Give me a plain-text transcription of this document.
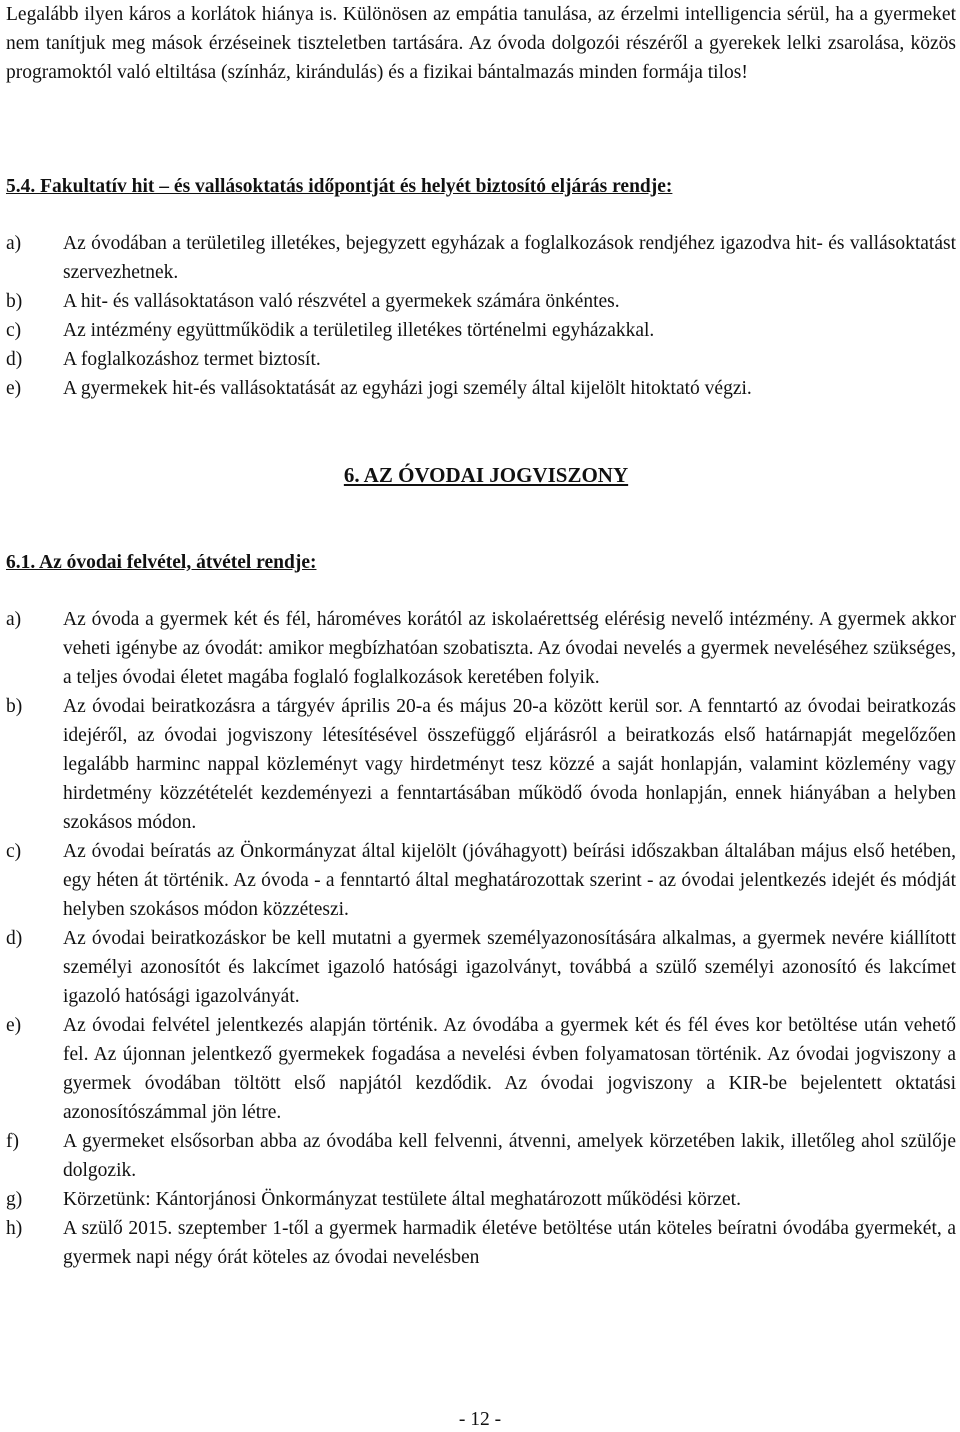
Legalább ilyen káros a korlátok hiánya is. Különösen az empátia tanulása, az érzelmi intelligencia sérül, ha a gyermeket nem tanítjuk meg mások érzéseinek tiszteletben tartására. Az óvoda dolgozói részéről a gyerekek lelki zsarolása, közös programoktól való eltiltása (színház, kirándulás) és a fizikai bántalmazás minden formája tilos!

5.4. Fakultatív hit – és vallásoktatás időpontját és helyét biztosító eljárás rendje:
a)	Az óvodában a területileg illetékes, bejegyzett egyházak a foglalkozások rendjéhez igazodva hit- és vallásoktatást szervezhetnek.
b)	A hit- és vallásoktatáson való részvétel a gyermekek számára önkéntes.
c)	Az intézmény együttműködik a területileg illetékes történelmi egyházakkal.
d)	A foglalkozáshoz termet biztosít.
e)	A gyermekek hit-és vallásoktatását az egyházi jogi személy által kijelölt hitoktató végzi.
6. AZ ÓVODAI JOGVISZONY
6.1. Az óvodai felvétel, átvétel rendje:
a)	Az óvoda a gyermek két és fél, hároméves korától az iskolaérettség elérésig nevelő intézmény. A gyermek akkor veheti igénybe az óvodát: amikor megbízhatóan szobatiszta. Az óvodai nevelés a gyermek neveléséhez szükséges, a teljes óvodai életet magába foglaló foglalkozások keretében folyik.
b)	Az óvodai beiratkozásra a tárgyév április 20-a és május 20-a között kerül sor. A fenntartó az óvodai beiratkozás idejéről, az óvodai jogviszony létesítésével összefüggő eljárásról a beiratkozás első határnapját megelőzően legalább harminc nappal közleményt vagy hirdetményt tesz közzé a saját honlapján, valamint közlemény vagy hirdetmény közzétételét kezdeményezi a fenntartásában működő óvoda honlapján, ennek hiányában a helyben szokásos módon.
c)	Az óvodai beíratás az Önkormányzat által kijelölt (jóváhagyott) beírási időszakban általában május első hetében, egy héten át történik. Az óvoda - a fenntartó által meghatározottak szerint - az óvodai jelentkezés idejét és módját helyben szokásos módon közzéteszi.
d)	Az óvodai beiratkozáskor be kell mutatni a gyermek személyazonosítására alkalmas, a gyermek nevére kiállított személyi azonosítót és lakcímet igazoló hatósági igazolványt, továbbá a szülő személyi azonosító és lakcímet igazoló hatósági igazolványát.
e)	Az óvodai felvétel jelentkezés alapján történik. Az óvodába a gyermek két és fél éves kor betöltése után vehető fel. Az újonnan jelentkező gyermekek fogadása a nevelési évben folyamatosan történik. Az óvodai jogviszony a gyermek óvodában töltött első napjától kezdődik. Az óvodai jogviszony a KIR-be bejelentett oktatási azonosítószámmal jön létre.
f)	A gyermeket elsősorban abba az óvodába kell felvenni, átvenni, amelyek körzetében lakik, illetőleg ahol szülője dolgozik.
g)	Körzetünk: Kántorjánosi Önkormányzat testülete által meghatározott működési körzet.
h)	A szülő 2015. szeptember 1-től a gyermek harmadik életéve betöltése után köteles beíratni óvodába gyermekét, a gyermek napi négy órát köteles az óvodai nevelésben

- 12 -
